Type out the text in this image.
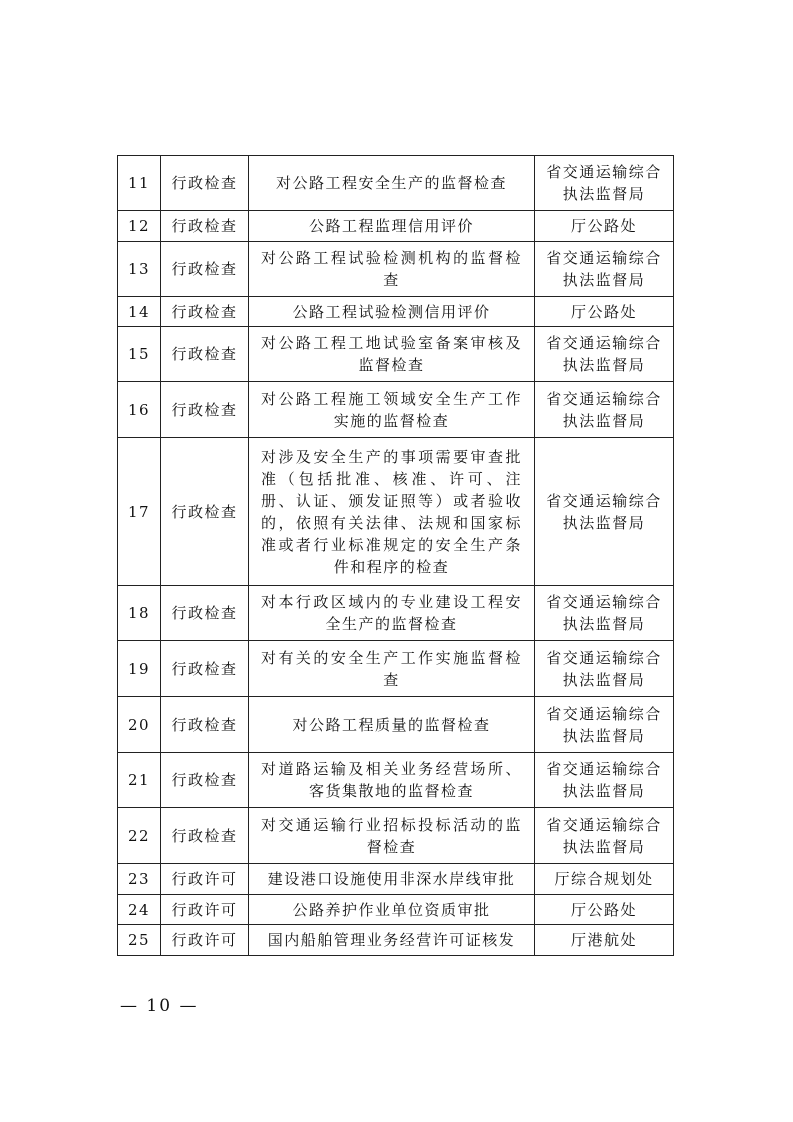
11	行政检查	对公路工程安全生产的监督检查	省交通运输综合执法监督局
12	行政检查	公路工程监理信用评价	厅公路处
13	行政检查	对公路工程试验检测机构的监督检查	省交通运输综合执法监督局
14	行政检查	公路工程试验检测信用评价	厅公路处
15	行政检查	对公路工程工地试验室备案审核及监督检查	省交通运输综合执法监督局
16	行政检查	对公路工程施工领域安全生产工作实施的监督检查	省交通运输综合执法监督局
17	行政检查	对涉及安全生产的事项需要审查批准（包括批准、核准、许可、注册、认证、颁发证照等）或者验收的，依照有关法律、法规和国家标准或者行业标准规定的安全生产条件和程序的检查	省交通运输综合执法监督局
18	行政检查	对本行政区域内的专业建设工程安全生产的监督检查	省交通运输综合执法监督局
19	行政检查	对有关的安全生产工作实施监督检查	省交通运输综合执法监督局
20	行政检查	对公路工程质量的监督检查	省交通运输综合执法监督局
21	行政检查	对道路运输及相关业务经营场所、客货集散地的监督检查	省交通运输综合执法监督局
22	行政检查	对交通运输行业招标投标活动的监督检查	省交通运输综合执法监督局
23	行政许可	建设港口设施使用非深水岸线审批	厅综合规划处
24	行政许可	公路养护作业单位资质审批	厅公路处
25	行政许可	国内船舶管理业务经营许可证核发	厅港航处
— 10 —
